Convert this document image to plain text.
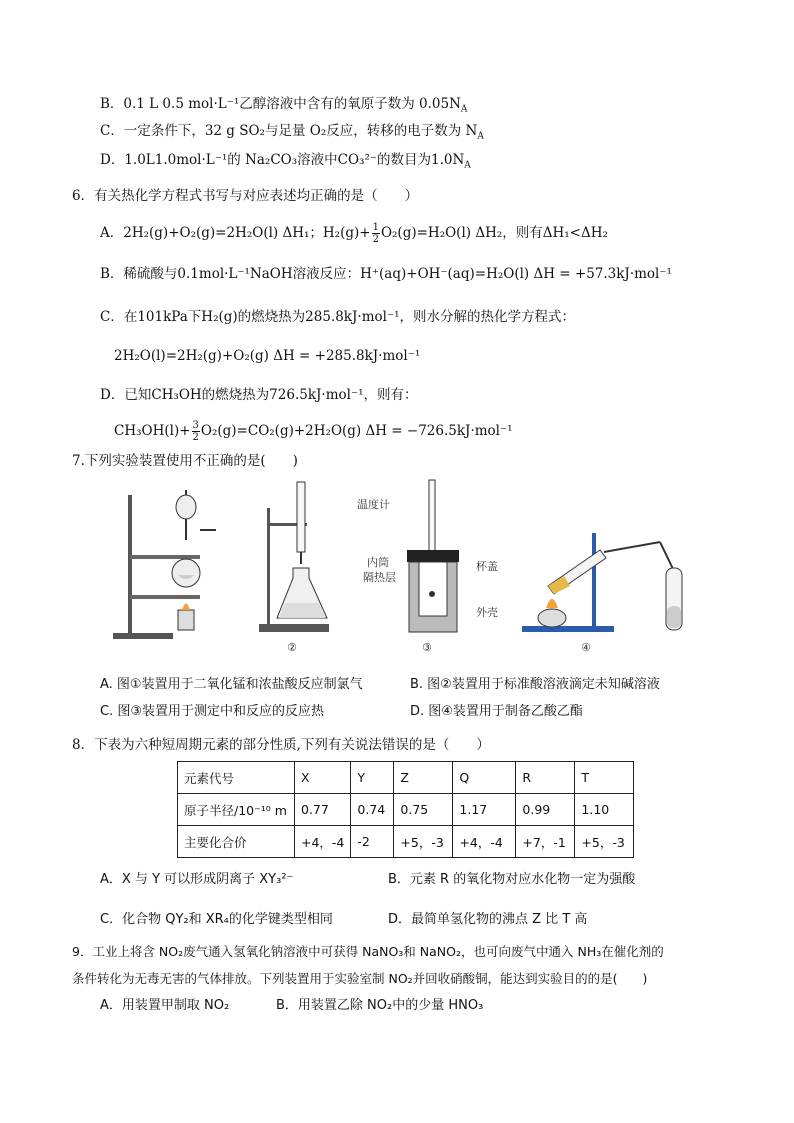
B．0.1 L 0.5 mol·L⁻¹乙醇溶液中含有的氧原子数为 $0.05N_A$
C．一定条件下，32 g SO₂与足量 O₂反应，转移的电子数为 $N_A$
D．1.0L1.0mol·L⁻¹的 Na₂CO₃溶液中CO₃²⁻的数目为$1.0N_A$
6．有关热化学方程式书写与对应表述均正确的是（　　）
A．2H₂(g)+O₂(g)=2H₂O(l) ΔH₁；$H_2(g)+ \frac{1}{2} O_2(g)=H_2O(l)$ ΔH₂，则有ΔH₁<ΔH₂
B．稀硫酸与0.1mol·L⁻¹NaOH溶液反应：H⁺(aq)+OH⁻(aq)=H₂O(l) ΔH = +57.3kJ·mol⁻¹
C．在101kPa下H₂(g)的燃烧热为285.8kJ·mol⁻¹，则水分解的热化学方程式：
2H₂O(l)=2H₂(g)+O₂(g) ΔH = +285.8kJ·mol⁻¹
D．已知CH₃OH的燃烧热为726.5kJ·mol⁻¹，则有：
$CH_3OH(l)+ \frac{3}{2} O_2(g)=CO_2(g)+2H_2O(g) \Delta H = -726.5kJ\cdot mol^{-1}$
7.下列实验装置使用不正确的是(　　)
②
温度计
内筒
隔热层
杯盖
外壳
③	④
A. 图①装置用于二氧化锰和浓盐酸反应制氯气	B. 图②装置用于标准酸溶液滴定未知碱溶液
C. 图③装置用于测定中和反应的反应热	D. 图④装置用于制备乙酸乙酯
8．下表为六种短周期元素的部分性质,下列有关说法错误的是（　　）
元素代号	X	Y	Z	Q	R	T
原子半径/10⁻¹⁰ m	0.77	0.74	0.75	1.17	0.99	1.10
主要化合价	+4，-4	-2	+5，-3	+4，-4	+7，-1	+5，-3
A．X 与 Y 可以形成阴离子 XY₃²⁻	B．元素 R 的氧化物对应水化物一定为强酸
C．化合物 QY₂和 XR₄的化学键类型相同	D．最简单氢化物的沸点 Z 比 T 高
9．工业上将含 NO₂废气通入氢氧化钠溶液中可获得 NaNO₃和 NaNO₂，也可向废气中通入 NH₃在催化剂的
条件转化为无毒无害的气体排放。下列装置用于实验室制 NO₂并回收硝酸铜，能达到实验目的的是(　　)
A．用装置甲制取 NO₂	B．用装置乙除 NO₂中的少量 HNO₃
